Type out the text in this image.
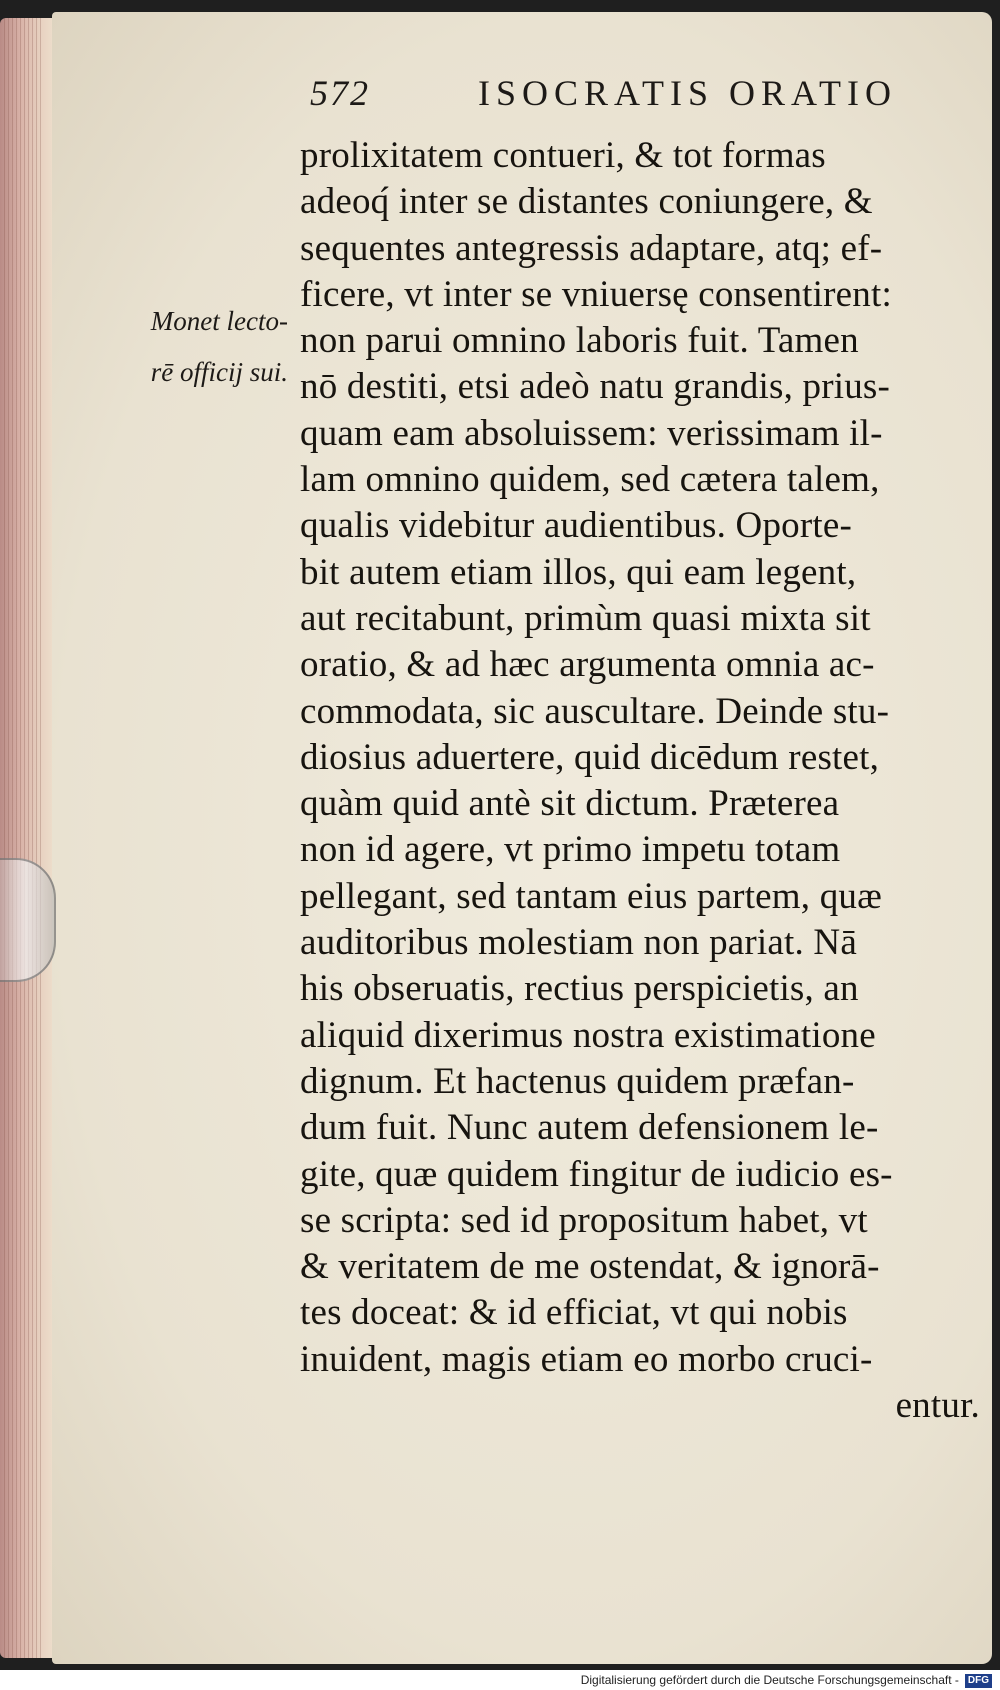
572	ISOCRATIS ORATIO
Monet lecto-
rē officij sui.
prolixitatem contueri, & tot formas
adeoq́ inter se distantes coniungere, &
sequentes antegressis adaptare, atq; ef-
ficere, vt inter se vniuersę consentirent:
non parui omnino laboris fuit. Tamen
nō destiti, etsi adeò natu grandis, prius-
quam eam absoluissem: verissimam il-
lam omnino quidem, sed cætera talem,
qualis videbitur audientibus. Oporte-
bit autem etiam illos, qui eam legent,
aut recitabunt, primùm quasi mixta sit
oratio, & ad hæc argumenta omnia ac-
commodata, sic auscultare. Deinde stu-
diosius aduertere, quid dicēdum restet,
quàm quid antè sit dictum. Præterea
non id agere, vt primo impetu totam
pellegant, sed tantam eius partem, quæ
auditoribus molestiam non pariat. Nā
his obseruatis, rectius perspicietis, an
aliquid dixerimus nostra existimatione
dignum. Et hactenus quidem præfan-
dum fuit. Nunc autem defensionem le-
gite, quæ quidem fingitur de iudicio es-
se scripta: sed id propositum habet, vt
& veritatem de me ostendat, & ignorā-
tes doceat: & id efficiat, vt qui nobis
inuident, magis etiam eo morbo cruci-
entur.
Digitalisierung gefördert durch die Deutsche Forschungsgemeinschaft - DFG
